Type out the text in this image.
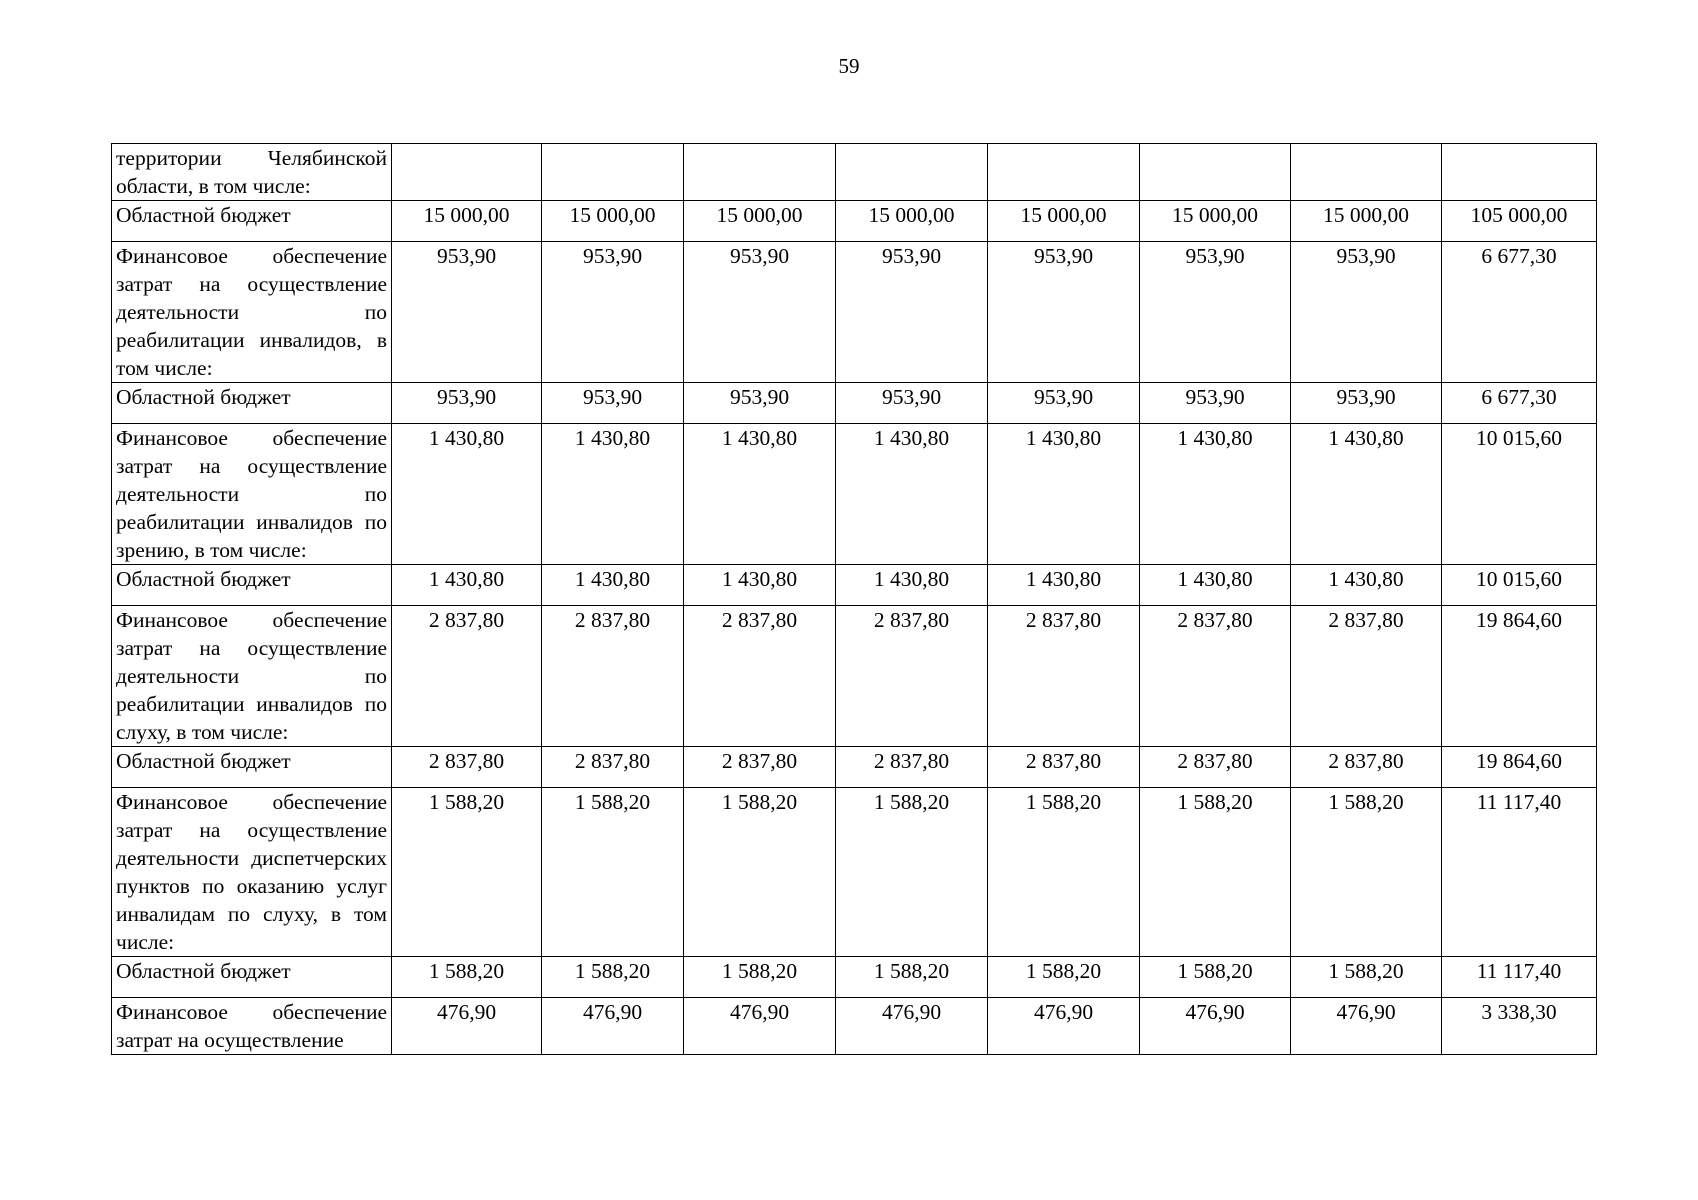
59
территории Челябинской области, в том числе:								
Областной бюджет	15 000,00	15 000,00	15 000,00	15 000,00	15 000,00	15 000,00	15 000,00	105 000,00
Финансовое обеспечение затрат на осуществление деятельности по реабилитации инвалидов, в том числе:	953,90	953,90	953,90	953,90	953,90	953,90	953,90	6 677,30
Областной бюджет	953,90	953,90	953,90	953,90	953,90	953,90	953,90	6 677,30
Финансовое обеспечение затрат на осуществление деятельности по реабилитации инвалидов по зрению, в том числе:	1 430,80	1 430,80	1 430,80	1 430,80	1 430,80	1 430,80	1 430,80	10 015,60
Областной бюджет	1 430,80	1 430,80	1 430,80	1 430,80	1 430,80	1 430,80	1 430,80	10 015,60
Финансовое обеспечение затрат на осуществление деятельности по реабилитации инвалидов по слуху, в том числе:	2 837,80	2 837,80	2 837,80	2 837,80	2 837,80	2 837,80	2 837,80	19 864,60
Областной бюджет	2 837,80	2 837,80	2 837,80	2 837,80	2 837,80	2 837,80	2 837,80	19 864,60
Финансовое обеспечение затрат на осуществление деятельности диспетчерских пунктов по оказанию услуг инвалидам по слуху, в том числе:	1 588,20	1 588,20	1 588,20	1 588,20	1 588,20	1 588,20	1 588,20	11 117,40
Областной бюджет	1 588,20	1 588,20	1 588,20	1 588,20	1 588,20	1 588,20	1 588,20	11 117,40
Финансовое обеспечение затрат на осуществление	476,90	476,90	476,90	476,90	476,90	476,90	476,90	3 338,30
